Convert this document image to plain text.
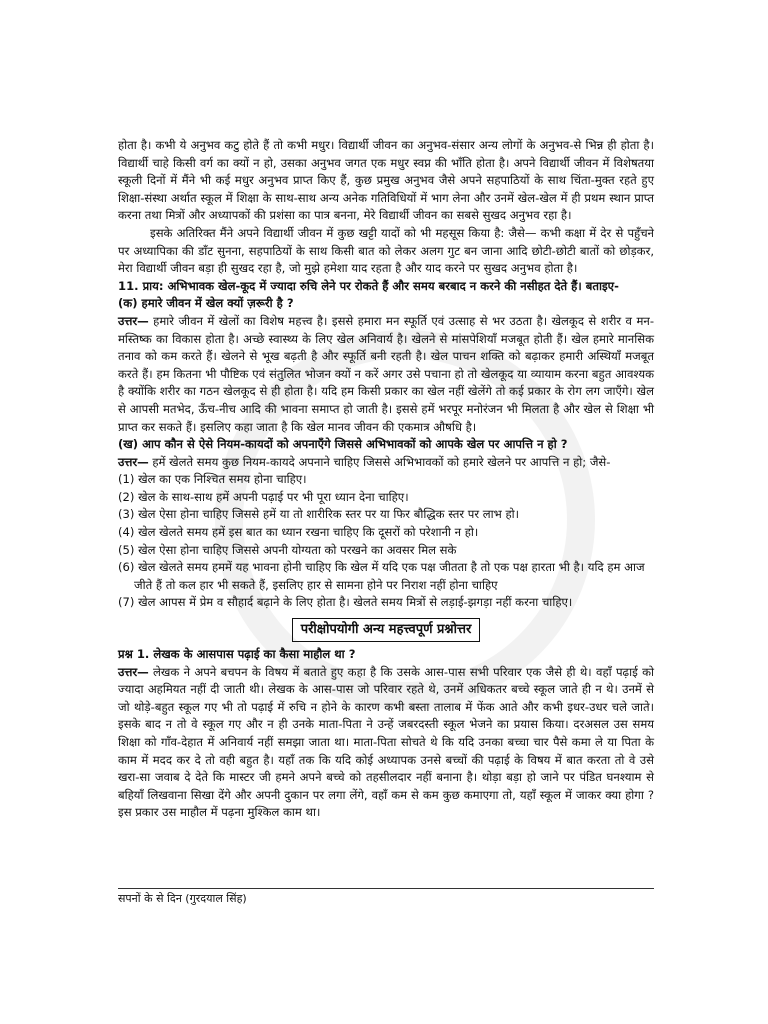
होता है। कभी ये अनुभव कटु होते हैं तो कभी मधुर। विद्यार्थी जीवन का अनुभव-संसार अन्य लोगों के अनुभव-से भिन्न ही होता है। विद्यार्थी चाहे किसी वर्ग का क्यों न हो, उसका अनुभव जगत एक मधुर स्वप्न की भाँति होता है। अपने विद्यार्थी जीवन में विशेषतया स्कूली दिनों में मैंने भी कई मधुर अनुभव प्राप्त किए हैं, कुछ प्रमुख अनुभव जैसे अपने सहपाठियों के साथ चिंता-मुक्त रहते हुए शिक्षा-संस्था अर्थात स्कूल में शिक्षा के साथ-साथ अन्य अनेक गतिविधियों में भाग लेना और उनमें खेल-खेल में ही प्रथम स्थान प्राप्त करना तथा मित्रों और अध्यापकों की प्रशंसा का पात्र बनना, मेरे विद्यार्थी जीवन का सबसे सुखद अनुभव रहा है।

इसके अतिरिक्त मैंने अपने विद्यार्थी जीवन में कुछ खट्टी यादों को भी महसूस किया है: जैसे— कभी कक्षा में देर से पहुँचने पर अध्यापिका की डाँट सुनना, सहपाठियों के साथ किसी बात को लेकर अलग गुट बन जाना आदि छोटी-छोटी बातों को छोड़कर, मेरा विद्यार्थी जीवन बड़ा ही सुखद रहा है, जो मुझे हमेशा याद रहता है और याद करने पर सुखद अनुभव होता है।

11. प्राय: अभिभावक खेल-कूद में ज्यादा रुचि लेने पर रोकते हैं और समय बरबाद न करने की नसीहत देते हैं। बताइए-

(क) हमारे जीवन में खेल क्यों ज़रूरी है ?

उत्तर— हमारे जीवन में खेलों का विशेष महत्त्व है। इससे हमारा मन स्फूर्ति एवं उत्साह से भर उठता है। खेलकूद से शरीर व मन-मस्तिष्क का विकास होता है। अच्छे स्वास्थ्य के लिए खेल अनिवार्य है। खेलने से मांसपेशियाँ मजबूत होती हैं। खेल हमारे मानसिक तनाव को कम करते हैं। खेलने से भूख बढ़ती है और स्फूर्ति बनी रहती है। खेल पाचन शक्ति को बढ़ाकर हमारी अस्थियाँ मजबूत करते हैं। हम कितना भी पौष्टिक एवं संतुलित भोजन क्यों न करें अगर उसे पचाना हो तो खेलकूद या व्यायाम करना बहुत आवश्यक है क्योंकि शरीर का गठन खेलकूद से ही होता है। यदि हम किसी प्रकार का खेल नहीं खेलेंगे तो कई प्रकार के रोग लग जाएँगे। खेल से आपसी मतभेद, ऊँच-नीच आदि की भावना समाप्त हो जाती है। इससे हमें भरपूर मनोरंजन भी मिलता है और खेल से शिक्षा भी प्राप्त कर सकते हैं। इसलिए कहा जाता है कि खेल मानव जीवन की एकमात्र औषधि है।

(ख) आप कौन से ऐसे नियम-कायदों को अपनाएँगे जिससे अभिभावकों को आपके खेल पर आपत्ति न हो ?

उत्तर— हमें खेलते समय कुछ नियम-कायदे अपनाने चाहिए जिससे अभिभावकों को हमारे खेलने पर आपत्ति न हो; जैसे-

(1) खेल का एक निश्चित समय होना चाहिए।
(2) खेल के साथ-साथ हमें अपनी पढ़ाई पर भी पूरा ध्यान देना चाहिए।
(3) खेल ऐसा होना चाहिए जिससे हमें या तो शारीरिक स्तर पर या फिर बौद्धिक स्तर पर लाभ हो।
(4) खेल खेलते समय हमें इस बात का ध्यान रखना चाहिए कि दूसरों को परेशानी न हो।
(5) खेल ऐसा होना चाहिए जिससे अपनी योग्यता को परखने का अवसर मिल सके
(6) खेल खेलते समय हममें यह भावना होनी चाहिए कि खेल में यदि एक पक्ष जीतता है तो एक पक्ष हारता भी है। यदि हम आज जीते हैं तो कल हार भी सकते हैं, इसलिए हार से सामना होने पर निराश नहीं होना चाहिए
(7) खेल आपस में प्रेम व सौहार्द बढ़ाने के लिए होता है। खेलते समय मित्रों से लड़ाई-झगड़ा नहीं करना चाहिए।
परीक्षोपयोगी अन्य महत्त्वपूर्ण प्रश्नोत्तर

प्रश्न 1. लेखक के आसपास पढ़ाई का कैसा माहौल था ?

उत्तर— लेखक ने अपने बचपन के विषय में बताते हुए कहा है कि उसके आस-पास सभी परिवार एक जैसे ही थे। वहाँ पढ़ाई को ज्यादा अहमियत नहीं दी जाती थी। लेखक के आस-पास जो परिवार रहते थे, उनमें अधिकतर बच्चे स्कूल जाते ही न थे। उनमें से जो थोड़े-बहुत स्कूल गए भी तो पढ़ाई में रुचि न होने के कारण कभी बस्ता तालाब में फेंक आते और कभी इधर-उधर चले जाते। इसके बाद न तो वे स्कूल गए और न ही उनके माता-पिता ने उन्हें जबरदस्ती स्कूल भेजने का प्रयास किया। दरअसल उस समय शिक्षा को गाँव-देहात में अनिवार्य नहीं समझा जाता था। माता-पिता सोचते थे कि यदि उनका बच्चा चार पैसे कमा ले या पिता के काम में मदद कर दे तो वही बहुत है। यहाँ तक कि यदि कोई अध्यापक उनसे बच्चों की पढ़ाई के विषय में बात करता तो वे उसे खरा-सा जवाब दे देते कि मास्टर जी हमने अपने बच्चे को तहसीलदार नहीं बनाना है। थोड़ा बड़ा हो जाने पर पंडित घनश्याम से बहियाँ लिखवाना सिखा देंगे और अपनी दुकान पर लगा लेंगे, वहाँ कम से कम कुछ कमाएगा तो, यहाँ स्कूल में जाकर क्या होगा ? इस प्रकार उस माहौल में पढ़ना मुश्किल काम था।

सपनों के से दिन (गुरदयाल सिंह)
